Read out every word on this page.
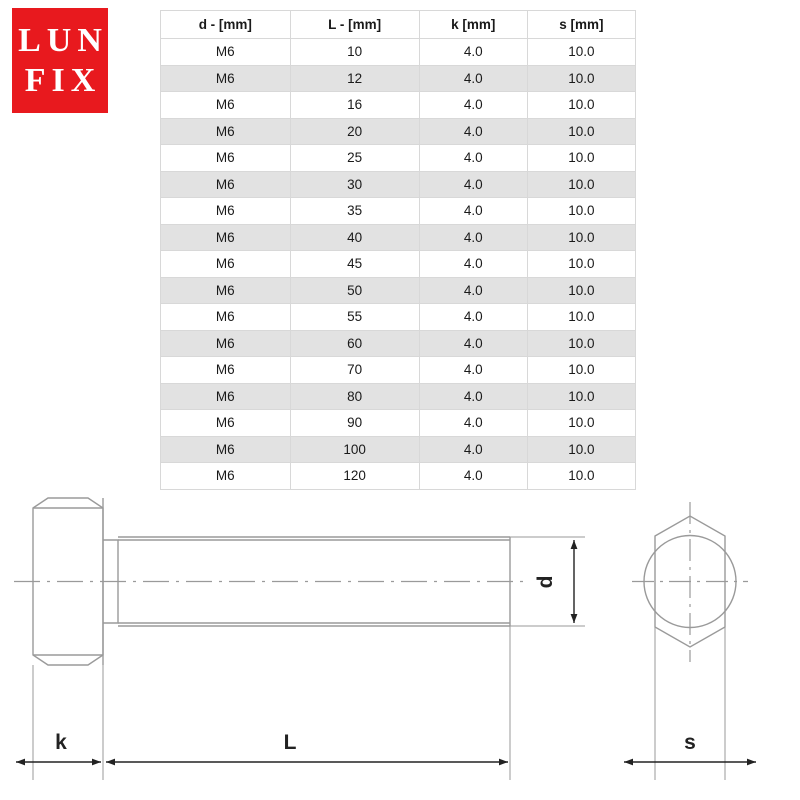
LUN
FIX
d - [mm]	L - [mm]	k [mm]	s [mm]
M6	10	4.0	10.0
M6	12	4.0	10.0
M6	16	4.0	10.0
M6	20	4.0	10.0
M6	25	4.0	10.0
M6	30	4.0	10.0
M6	35	4.0	10.0
M6	40	4.0	10.0
M6	45	4.0	10.0
M6	50	4.0	10.0
M6	55	4.0	10.0
M6	60	4.0	10.0
M6	70	4.0	10.0
M6	80	4.0	10.0
M6	90	4.0	10.0
M6	100	4.0	10.0
M6	120	4.0	10.0
k	L
d
s
